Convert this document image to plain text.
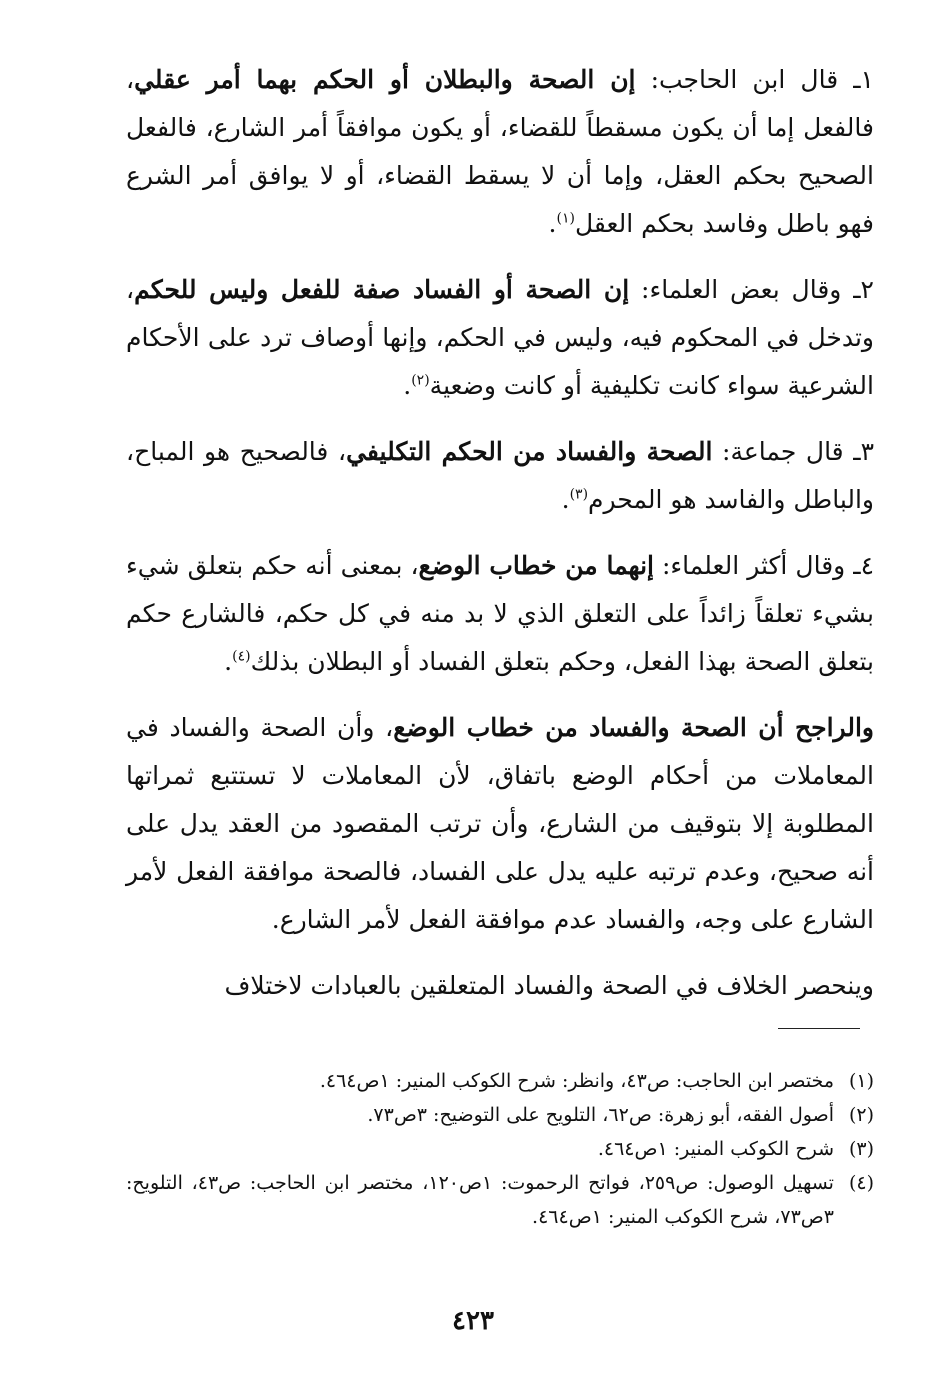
١ـ قال ابن الحاجب: إن الصحة والبطلان أو الحكم بهما أمر عقلي، فالفعل إما أن يكون مسقطاً للقضاء، أو يكون موافقاً أمر الشارع، فالفعل الصحيح بحكم العقل، وإما أن لا يسقط القضاء، أو لا يوافق أمر الشرع فهو باطل وفاسد بحكم العقل$^{(١)}$.

٢ـ وقال بعض العلماء: إن الصحة أو الفساد صفة للفعل وليس للحكم، وتدخل في المحكوم فيه، وليس في الحكم، وإنها أوصاف ترد على الأحكام الشرعية سواء كانت تكليفية أو كانت وضعية$^{(٢)}$.

٣ـ قال جماعة: الصحة والفساد من الحكم التكليفي، فالصحيح هو المباح، والباطل والفاسد هو المحرم$^{(٣)}$.

٤ـ وقال أكثر العلماء: إنهما من خطاب الوضع، بمعنى أنه حكم بتعلق شيء بشيء تعلقاً زائداً على التعلق الذي لا بد منه في كل حكم، فالشارع حكم بتعلق الصحة بهذا الفعل، وحكم بتعلق الفساد أو البطلان بذلك$^{(٤)}$.

والراجح أن الصحة والفساد من خطاب الوضع، وأن الصحة والفساد في المعاملات من أحكام الوضع باتفاق، لأن المعاملات لا تستتبع ثمراتها المطلوبة إلا بتوقيف من الشارع، وأن ترتب المقصود من العقد يدل على أنه صحيح، وعدم ترتبه عليه يدل على الفساد، فالصحة موافقة الفعل لأمر الشارع على وجه، والفساد عدم موافقة الفعل لأمر الشارع.

وينحصر الخلاف في الصحة والفساد المتعلقين بالعبادات لاختلاف

(١)
مختصر ابن الحاجب: ص٤٣، وانظر: شرح الكوكب المنير: ١ص٤٦٤.
(٢)
أصول الفقه، أبو زهرة: ص٦٢، التلويح على التوضيح: ٣ص٧٣.
(٣)
شرح الكوكب المنير: ١ص٤٦٤.
(٤)
تسهيل الوصول: ص٢٥٩، فواتح الرحموت: ١ص١٢٠، مختصر ابن الحاجب: ص٤٣، التلويح: ٣ص٧٣، شرح الكوكب المنير: ١ص٤٦٤.
٤٢٣
